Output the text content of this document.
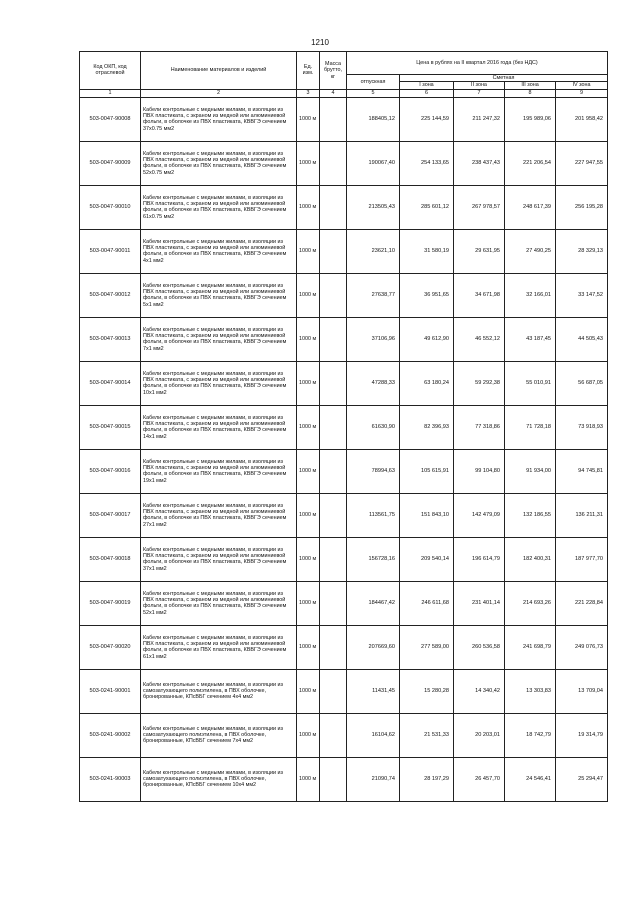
1210
Код ОКП, код отраслевой	Наименование материалов и изделий	Ед. изм.	Масса брутто, кг	Цена в рублях на II квартал 2016 года (без НДС)				
				отпускная	Сметная			
					I зона	II зона	III зона	IV зона
1	2	3	4	5	6	7	8	9
503-0047-90008	Кабели контрольные с медными жилами, в изоляции из ПВХ пластиката, с экраном из медной или алюминиевой фольги, в оболочке из ПВХ пластиката, КВВГЭ сечением 37х0.75 мм2	1000 м		188405,12	225 144,59	211 247,32	195 989,06	201 958,42
503-0047-90009	Кабели контрольные с медными жилами, в изоляции из ПВХ пластиката, с экраном из медной или алюминиевой фольги, в оболочке из ПВХ пластиката, КВВГЭ сечением 52х0.75 мм2	1000 м		190067,40	254 133,65	238 437,43	221 206,54	227 947,55
503-0047-90010	Кабели контрольные с медными жилами, в изоляции из ПВХ пластиката, с экраном из медной или алюминиевой фольги, в оболочке из ПВХ пластиката, КВВГЭ сечением 61х0.75 мм2	1000 м		213505,43	285 601,12	267 978,57	248 617,39	256 195,28
503-0047-90011	Кабели контрольные с медными жилами, в изоляции из ПВХ пластиката, с экраном из медной или алюминиевой фольги, в оболочке из ПВХ пластиката, КВВГЭ сечением 4х1 мм2	1000 м		23621,10	31 580,19	29 631,95	27 490,25	28 329,13
503-0047-90012	Кабели контрольные с медными жилами, в изоляции из ПВХ пластиката, с экраном из медной или алюминиевой фольги, в оболочке из ПВХ пластиката, КВВГЭ сечением 5х1 мм2	1000 м		27638,77	36 951,65	34 671,98	32 166,01	33 147,52
503-0047-90013	Кабели контрольные с медными жилами, в изоляции из ПВХ пластиката, с экраном из медной или алюминиевой фольги, в оболочке из ПВХ пластиката, КВВГЭ сечением 7х1 мм2	1000 м		37106,96	49 612,90	46 552,12	43 187,45	44 505,43
503-0047-90014	Кабели контрольные с медными жилами, в изоляции из ПВХ пластиката, с экраном из медной или алюминиевой фольги, в оболочке из ПВХ пластиката, КВВГЭ сечением 10х1 мм2	1000 м		47288,33	63 180,24	59 292,38	55 010,91	56 687,05
503-0047-90015	Кабели контрольные с медными жилами, в изоляции из ПВХ пластиката, с экраном из медной или алюминиевой фольги, в оболочке из ПВХ пластиката, КВВГЭ сечением 14х1 мм2	1000 м		61630,90	82 396,93	77 318,86	71 728,18	73 918,93
503-0047-90016	Кабели контрольные с медными жилами, в изоляции из ПВХ пластиката, с экраном из медной или алюминиевой фольги, в оболочке из ПВХ пластиката, КВВГЭ сечением 19х1 мм2	1000 м		78994,63	105 615,91	99 104,80	91 934,00	94 745,81
503-0047-90017	Кабели контрольные с медными жилами, в изоляции из ПВХ пластиката, с экраном из медной или алюминиевой фольги, в оболочке из ПВХ пластиката, КВВГЭ сечением 27х1 мм2	1000 м		113561,75	151 843,10	142 479,09	132 186,55	136 211,31
503-0047-90018	Кабели контрольные с медными жилами, в изоляции из ПВХ пластиката, с экраном из медной или алюминиевой фольги, в оболочке из ПВХ пластиката, КВВГЭ сечением 37х1 мм2	1000 м		156728,16	209 540,14	196 614,79	182 400,31	187 977,70
503-0047-90019	Кабели контрольные с медными жилами, в изоляции из ПВХ пластиката, с экраном из медной или алюминиевой фольги, в оболочке из ПВХ пластиката, КВВГЭ сечением 52х1 мм2	1000 м		184467,42	246 611,68	231 401,14	214 693,26	221 228,84
503-0047-90020	Кабели контрольные с медными жилами, в изоляции из ПВХ пластиката, с экраном из медной или алюминиевой фольги, в оболочке из ПВХ пластиката, КВВГЭ сечением 61х1 мм2	1000 м		207669,60	277 589,00	260 536,58	241 698,79	249 076,73
503-0241-90001	Кабели контрольные с медными жилами, в изоляции из самозатухающего полиэтилена, в ПВХ оболочке, бронированные, КПсВБГ сечением 4х4 мм2	1000 м		11431,45	15 280,28	14 340,42	13 303,83	13 709,04
503-0241-90002	Кабели контрольные с медными жилами, в изоляции из самозатухающего полиэтилена, в ПВХ оболочке, бронированные, КПсВБГ сечением 7х4 мм2	1000 м		16104,62	21 531,33	20 203,01	18 742,79	19 314,79
503-0241-90003	Кабели контрольные с медными жилами, в изоляции из самозатухающего полиэтилена, в ПВХ оболочке, бронированные, КПсВБГ сечением 10х4 мм2	1000 м		21090,74	28 197,29	26 457,70	24 546,41	25 294,47
